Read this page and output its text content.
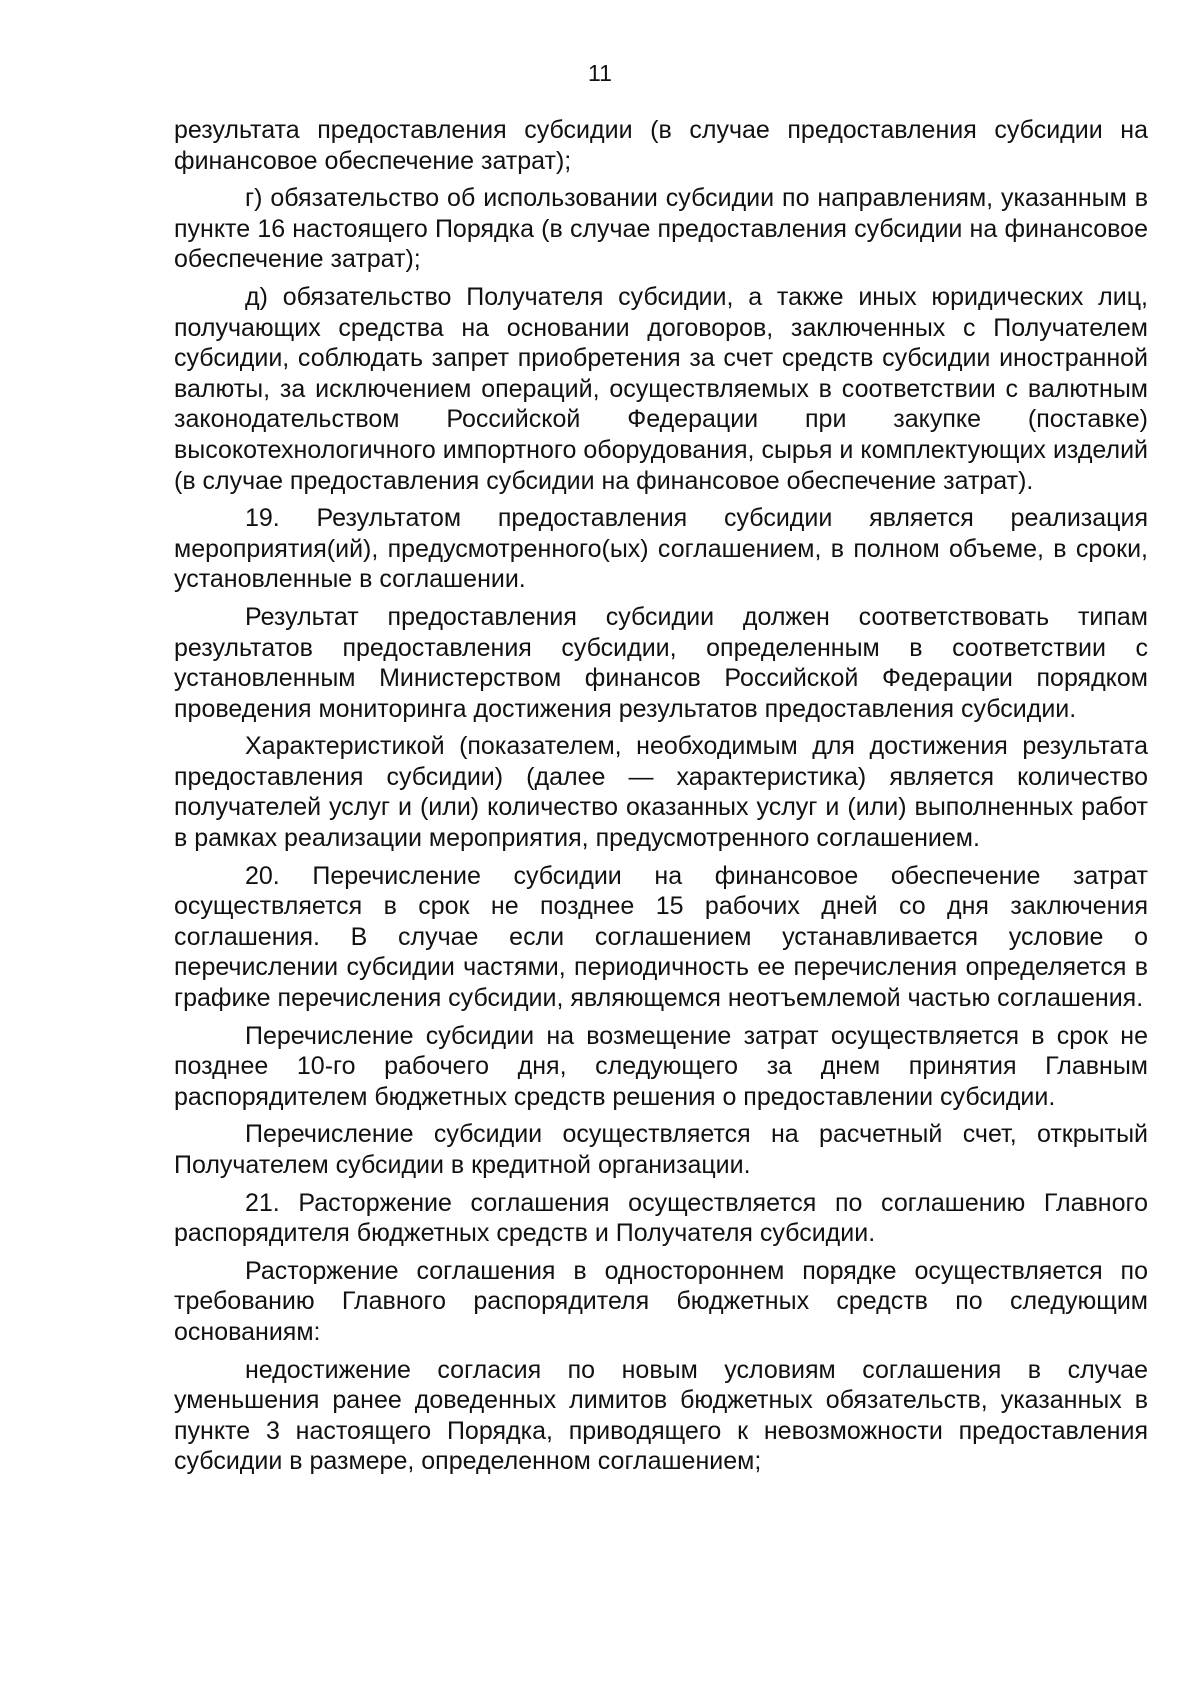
11

результата предоставления субсидии (в случае предоставления субсидии на финансовое обеспечение затрат);

г) обязательство об использовании субсидии по направлениям, указанным в пункте 16 настоящего Порядка (в случае предоставления субсидии на финансовое обеспечение затрат);

д) обязательство Получателя субсидии, а также иных юридических лиц, получающих средства на основании договоров, заключенных с Получателем субсидии, соблюдать запрет приобретения за счет средств субсидии иностранной валюты, за исключением операций, осуществляемых в соответствии с валютным законодательством Российской Федерации при закупке (поставке) высокотехнологичного импортного оборудования, сырья и комплектующих изделий (в случае предоставления субсидии на финансовое обеспечение затрат).

19. Результатом предоставления субсидии является реализация мероприятия(ий), предусмотренного(ых) соглашением, в полном объеме, в сроки, установленные в соглашении.

Результат предоставления субсидии должен соответствовать типам результатов предоставления субсидии, определенным в соответствии с установленным Министерством финансов Российской Федерации порядком проведения мониторинга достижения результатов предоставления субсидии.

Характеристикой (показателем, необходимым для достижения результата предоставления субсидии) (далее — характеристика) является количество получателей услуг и (или) количество оказанных услуг и (или) выполненных работ в рамках реализации мероприятия, предусмотренного соглашением.

20. Перечисление субсидии на финансовое обеспечение затрат осуществляется в срок не позднее 15 рабочих дней со дня заключения соглашения. В случае если соглашением устанавливается условие о перечислении субсидии частями, периодичность ее перечисления определяется в графике перечисления субсидии, являющемся неотъемлемой частью соглашения.

Перечисление субсидии на возмещение затрат осуществляется в срок не позднее 10-го рабочего дня, следующего за днем принятия Главным распорядителем бюджетных средств решения о предоставлении субсидии.

Перечисление субсидии осуществляется на расчетный счет, открытый Получателем субсидии в кредитной организации.

21. Расторжение соглашения осуществляется по соглашению Главного распорядителя бюджетных средств и Получателя субсидии.

Расторжение соглашения в одностороннем порядке осуществляется по требованию Главного распорядителя бюджетных средств по следующим основаниям:

недостижение согласия по новым условиям соглашения в случае уменьшения ранее доведенных лимитов бюджетных обязательств, указанных в пункте 3 настоящего Порядка, приводящего к невозможности предоставления субсидии в размере, определенном соглашением;
